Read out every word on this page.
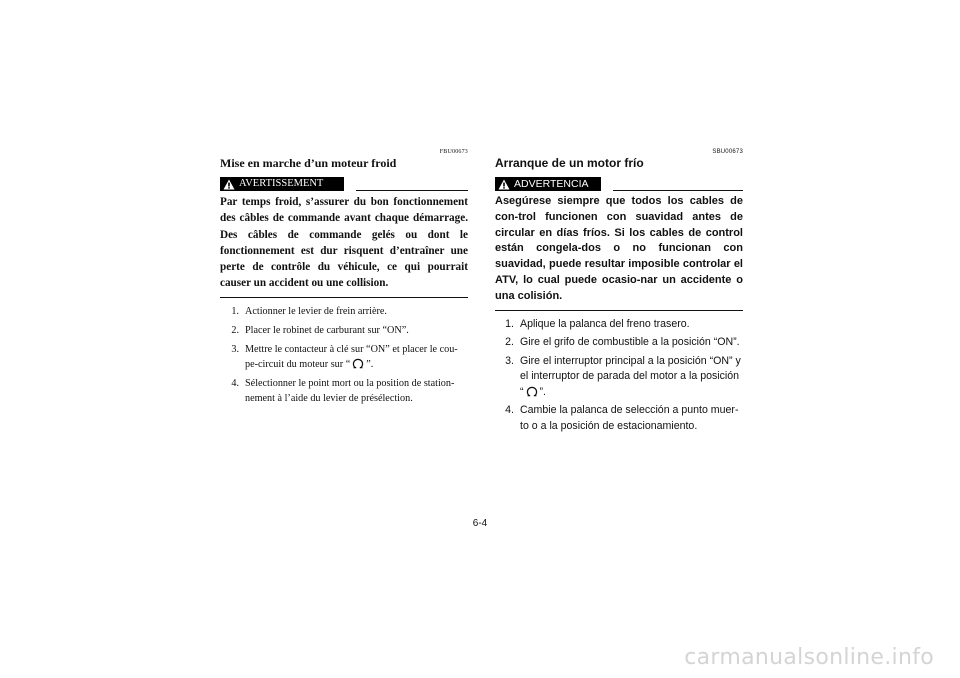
FBU00673
Mise en marche d’un moteur froid
AVERTISSEMENT

Par temps froid, s’assurer du bon fonctionnement des câbles de commande avant chaque démarrage. Des câbles de commande gelés ou dont le fonctionnement est dur risquent d’entraîner une perte de contrôle du véhicule, ce qui pourrait causer un accident ou une collision.

1. Actionner le levier de frein arrière.
2. Placer le robinet de carburant sur “ON”.
3. Mettre le contacteur à clé sur “ON” et placer le cou-pe-circuit du moteur sur “ ”.
4. Sélectionner le point mort ou la position de station-nement à l’aide du levier de présélection.
SBU00673
Arranque de un motor frío
ADVERTENCIA

Asegúrese siempre que todos los cables de con-trol funcionen con suavidad antes de circular en días fríos. Si los cables de control están congela-dos o no funcionan con suavidad, puede resultar imposible controlar el ATV, lo cual puede ocasio-nar un accidente o una colisión.

1. Aplique la palanca del freno trasero.
2. Gire el grifo de combustible a la posición “ON”.
3. Gire el interruptor principal a la posición “ON” y el interruptor de parada del motor a la posición “ ”.
4. Cambie la palanca de selección a punto muer-to o a la posición de estacionamiento.
6-4
carmanualsonline.info
